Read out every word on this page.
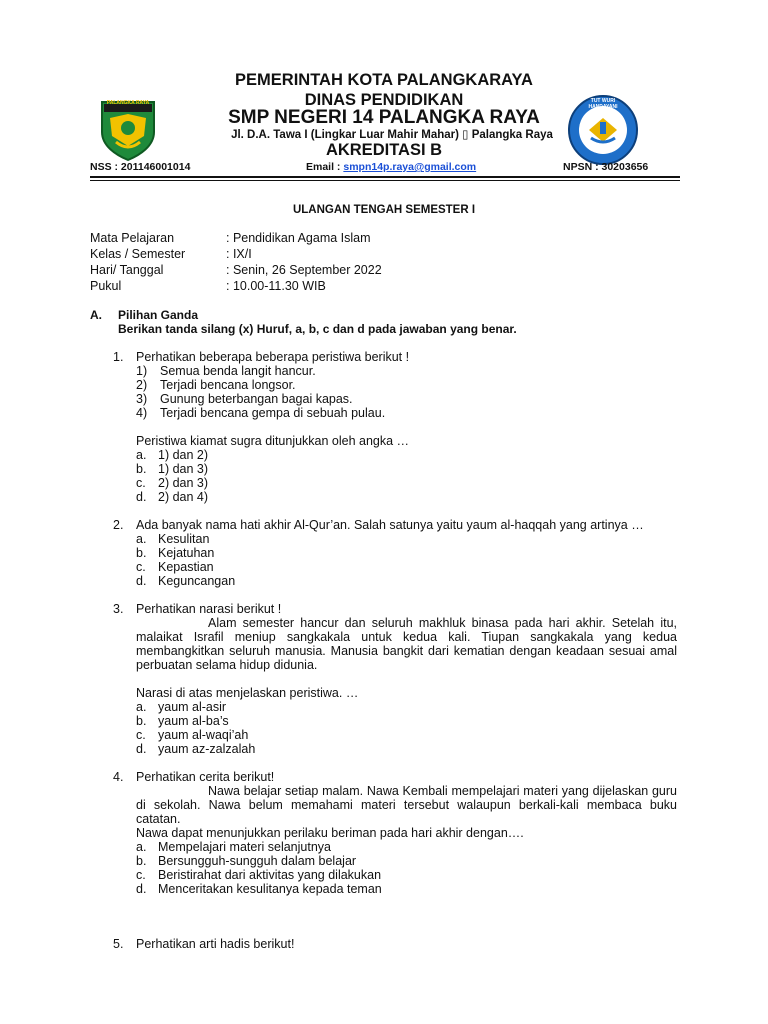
PALANGKA RAYA	TUT WURI HANDAYANI
PEMERINTAH KOTA PALANGKARAYA
DINAS PENDIDIKAN
SMP NEGERI 14 PALANGKA RAYA
Jl. D.A. Tawa I (Lingkar Luar Mahir Mahar) ▯ Palangka Raya
AKREDITASI B
NSS : 201146001014	Email : smpn14p.raya@gmail.com	NPSN : 30203656
ULANGAN TENGAH SEMESTER I
Mata Pelajaran	: Pendidikan Agama Islam
Kelas / Semester	: IX/I
Hari/ Tanggal	: Senin, 26 September 2022
Pukul	: 10.00-11.30 WIB
A. Pilihan Ganda
Berikan tanda silang (x) Huruf, a, b, c dan d pada jawaban yang benar.
1. Perhatikan beberapa beberapa peristiwa berikut !
1) Semua benda langit hancur.
2) Terjadi bencana longsor.
3) Gunung beterbangan bagai kapas.
4) Terjadi bencana gempa di sebuah pulau.
Peristiwa kiamat sugra ditunjukkan oleh angka …
a. 1) dan 2)
b. 1) dan 3)
c. 2) dan 3)
d. 2) dan 4)
2. Ada banyak nama hati akhir Al-Qur’an. Salah satunya yaitu yaum al-haqqah yang artinya …
a. Kesulitan
b. Kejatuhan
c. Kepastian
d. Keguncangan
3. Perhatikan narasi berikut !
Alam semester hancur dan seluruh makhluk binasa pada hari akhir. Setelah itu, malaikat Israfil meniup sangkakala untuk kedua kali. Tiupan sangkakala yang kedua membangkitkan seluruh manusia. Manusia bangkit dari kematian dengan keadaan sesuai amal perbuatan selama hidup didunia.
Narasi di atas menjelaskan peristiwa. …
a. yaum al-asir
b. yaum al-ba’s
c. yaum al-waqi’ah
d. yaum az-zalzalah
4. Perhatikan cerita berikut!
Nawa belajar setiap malam. Nawa Kembali mempelajari materi yang dijelaskan guru di sekolah. Nawa belum memahami materi tersebut walaupun berkali-kali membaca buku catatan.
Nawa dapat menunjukkan perilaku beriman pada hari akhir dengan….
a. Mempelajari materi selanjutnya
b. Bersungguh-sungguh dalam belajar
c. Beristirahat dari aktivitas yang dilakukan
d. Menceritakan kesulitanya kepada teman
5. Perhatikan arti hadis berikut!
